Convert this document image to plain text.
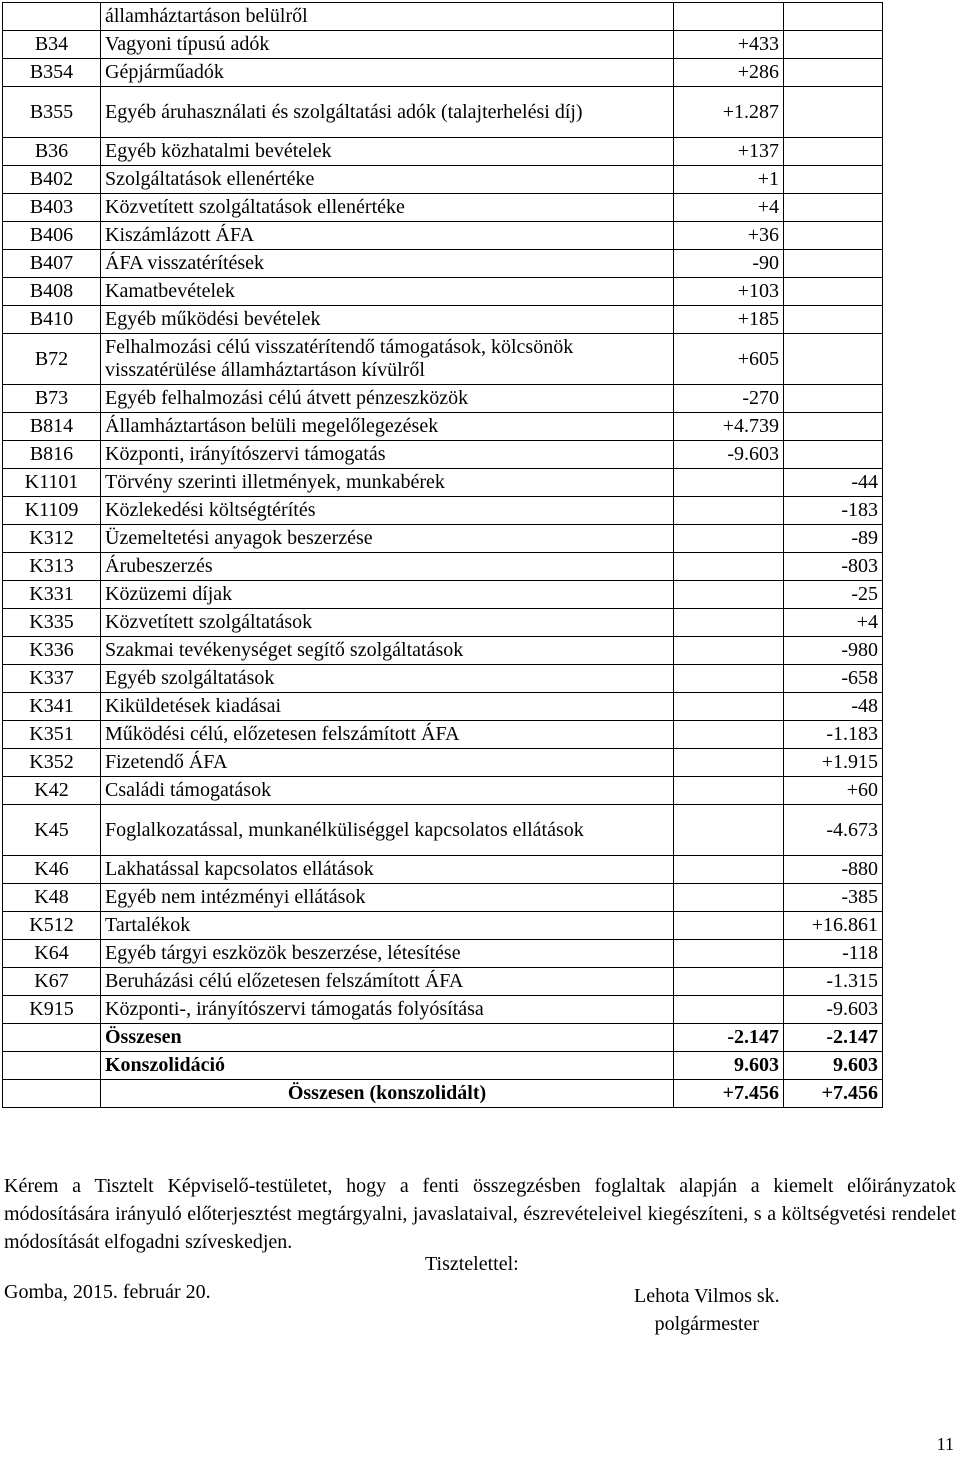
	államháztartáson belülről		
B34	Vagyoni típusú adók	+433	
B354	Gépjárműadók	+286	
B355	Egyéb áruhasználati és szolgáltatási adók (talajterhelési díj)	+1.287	
B36	Egyéb közhatalmi bevételek	+137	
B402	Szolgáltatások ellenértéke	+1	
B403	Közvetített szolgáltatások ellenértéke	+4	
B406	Kiszámlázott ÁFA	+36	
B407	ÁFA visszatérítések	-90	
B408	Kamatbevételek	+103	
B410	Egyéb működési bevételek	+185	
B72	Felhalmozási célú visszatérítendő támogatások, kölcsönök visszatérülése államháztartáson kívülről	+605	
B73	Egyéb felhalmozási célú átvett pénzeszközök	-270	
B814	Államháztartáson belüli megelőlegezések	+4.739	
B816	Központi, irányítószervi támogatás	-9.603	
K1101	Törvény szerinti illetmények, munkabérek		-44
K1109	Közlekedési költségtérítés		-183
K312	Üzemeltetési anyagok beszerzése		-89
K313	Árubeszerzés		-803
K331	Közüzemi díjak		-25
K335	Közvetített szolgáltatások		+4
K336	Szakmai tevékenységet segítő szolgáltatások		-980
K337	Egyéb szolgáltatások		-658
K341	Kiküldetések kiadásai		-48
K351	Működési célú, előzetesen felszámított ÁFA		-1.183
K352	Fizetendő ÁFA		+1.915
K42	Családi támogatások		+60
K45	Foglalkozatással, munkanélküliséggel kapcsolatos ellátások		-4.673
K46	Lakhatással kapcsolatos ellátások		-880
K48	Egyéb nem intézményi ellátások		-385
K512	Tartalékok		+16.861
K64	Egyéb tárgyi eszközök beszerzése, létesítése		-118
K67	Beruházási célú előzetesen felszámított ÁFA		-1.315
K915	Központi-, irányítószervi támogatás folyósítása		-9.603
	Összesen	-2.147	-2.147
	Konszolidáció	9.603	9.603
	Összesen (konszolidált)	+7.456	+7.456
Kérem a Tisztelt Képviselő-testületet, hogy a fenti összegzésben foglaltak alapján a kiemelt előirányzatok módosítására irányuló előterjesztést megtárgyalni, javaslataival, észrevételeivel kiegészíteni, s a költségvetési rendelet módosítását elfogadni szíveskedjen.
Gomba, 2015. február 20.
Tisztelettel:
Lehota Vilmos sk.
polgármester
11
